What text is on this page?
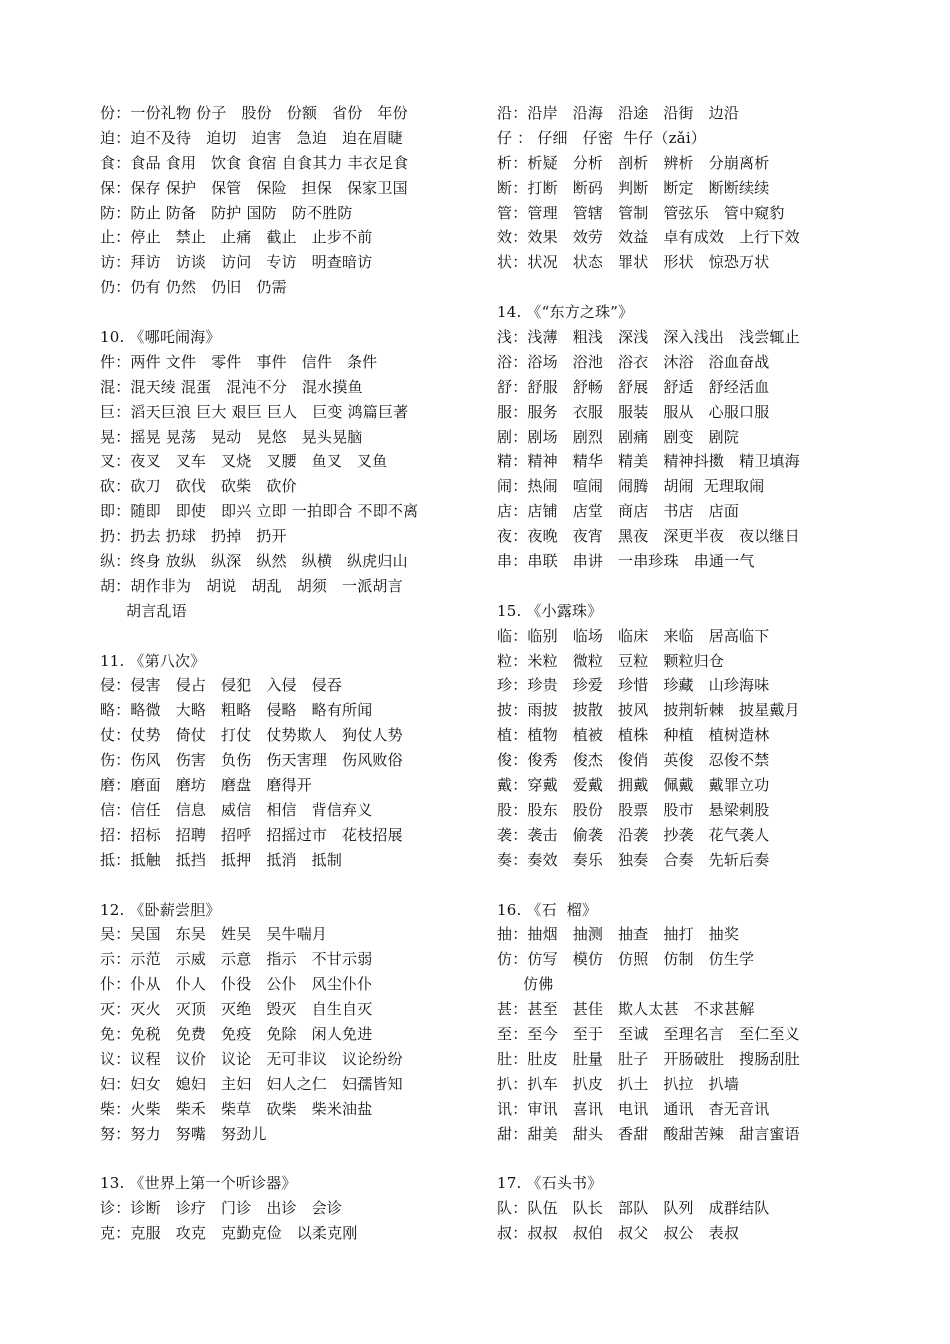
份：一份礼物 份子   股份   份额   省份   年份
迫：迫不及待   迫切   迫害   急迫   迫在眉睫
食：食品 食用   饮食 食宿 自食其力 丰衣足食
保：保存 保护   保管   保险   担保   保家卫国
防：防止 防备   防护 国防   防不胜防
止：停止   禁止   止痛   截止   止步不前
访：拜访   访谈   访问   专访   明查暗访
仍：仍有 仍然   仍旧   仍需
10. 《哪吒闹海》
件：两件 文件   零件   事件   信件   条件
混：混天绫 混蛋   混沌不分   混水摸鱼
巨：滔天巨浪 巨大 艰巨 巨人   巨变 鸿篇巨著
晃：摇晃 晃荡   晃动   晃悠   晃头晃脑
叉：夜叉   叉车   叉烧   叉腰   鱼叉   叉鱼
砍：砍刀   砍伐   砍柴   砍价
即：随即   即使   即兴 立即 一拍即合 不即不离
扔：扔去 扔球   扔掉   扔开
纵：终身 放纵   纵深   纵然   纵横   纵虎归山
胡：胡作非为   胡说   胡乱   胡须   一派胡言
胡言乱语
11. 《第八次》
侵：侵害   侵占   侵犯   入侵   侵吞
略：略微   大略   粗略   侵略   略有所闻
仗：仗势   倚仗   打仗   仗势欺人   狗仗人势
伤：伤风   伤害   负伤   伤天害理   伤风败俗
磨：磨面   磨坊   磨盘   磨得开
信：信任   信息   威信   相信   背信弃义
招：招标   招聘   招呼   招摇过市   花枝招展
抵：抵触   抵挡   抵押   抵消   抵制
12. 《卧薪尝胆》
吴：吴国   东吴   姓吴   吴牛喘月
示：示范   示威   示意   指示   不甘示弱
仆：仆从   仆人   仆役   公仆   风尘仆仆
灭：灭火   灭顶   灭绝   毁灭   自生自灭
免：免税   免费   免疫   免除   闲人免进
议：议程   议价   议论   无可非议   议论纷纷
妇：妇女   媳妇   主妇   妇人之仁   妇孺皆知
柴：火柴   柴禾   柴草   砍柴   柴米油盐
努：努力   努嘴   努劲儿
13. 《世界上第一个听诊器》
诊：诊断   诊疗   门诊   出诊   会诊
克：克服   攻克   克勤克俭   以柔克刚
沿：沿岸   沿海   沿途   沿街   边沿
仔 ： 仔细   仔密  牛仔（zǎi）
析：析疑   分析   剖析   辨析   分崩离析
断：打断   断码   判断   断定   断断续续
管：管理   管辖   管制   管弦乐   管中窥豹
效：效果   效劳   效益   卓有成效   上行下效
状：状况   状态   罪状   形状   惊恐万状
14. 《“东方之珠”》
浅：浅薄   粗浅   深浅   深入浅出   浅尝辄止
浴：浴场   浴池   浴衣   沐浴   浴血奋战
舒：舒服   舒畅   舒展   舒适   舒经活血
服：服务   衣服   服装   服从   心服口服
剧：剧场   剧烈   剧痛   剧变   剧院
精：精神   精华   精美   精神抖擞   精卫填海
闹：热闹   喧闹   闹腾   胡闹  无理取闹
店：店铺   店堂   商店   书店   店面
夜：夜晚   夜宵   黑夜   深更半夜   夜以继日
串：串联   串讲   一串珍珠   串通一气
15. 《小露珠》
临：临别   临场   临床   来临   居高临下
粒：米粒   微粒   豆粒   颗粒归仓
珍：珍贵   珍爱   珍惜   珍藏   山珍海味
披：雨披   披散   披风   披荆斩棘   披星戴月
植：植物   植被   植株   种植   植树造林
俊：俊秀   俊杰   俊俏   英俊   忍俊不禁
戴：穿戴   爱戴   拥戴   佩戴   戴罪立功
股：股东   股份   股票   股市   悬梁刺股
袭：袭击   偷袭   沿袭   抄袭   花气袭人
奏：奏效   奏乐   独奏   合奏   先斩后奏
16. 《石  榴》
抽：抽烟   抽测   抽查   抽打   抽奖
仿：仿写   模仿   仿照   仿制   仿生学
仿佛
甚：甚至   甚佳   欺人太甚   不求甚解
至：至今   至于   至诚   至理名言   至仁至义
肚：肚皮   肚量   肚子   开肠破肚   搜肠刮肚
扒：扒车   扒皮   扒土   扒拉   扒墙
讯：审讯   喜讯   电讯   通讯   杳无音讯
甜：甜美   甜头   香甜   酸甜苦辣   甜言蜜语
17. 《石头书》
队：队伍   队长   部队   队列   成群结队
叔：叔叔   叔伯   叔父   叔公   表叔
